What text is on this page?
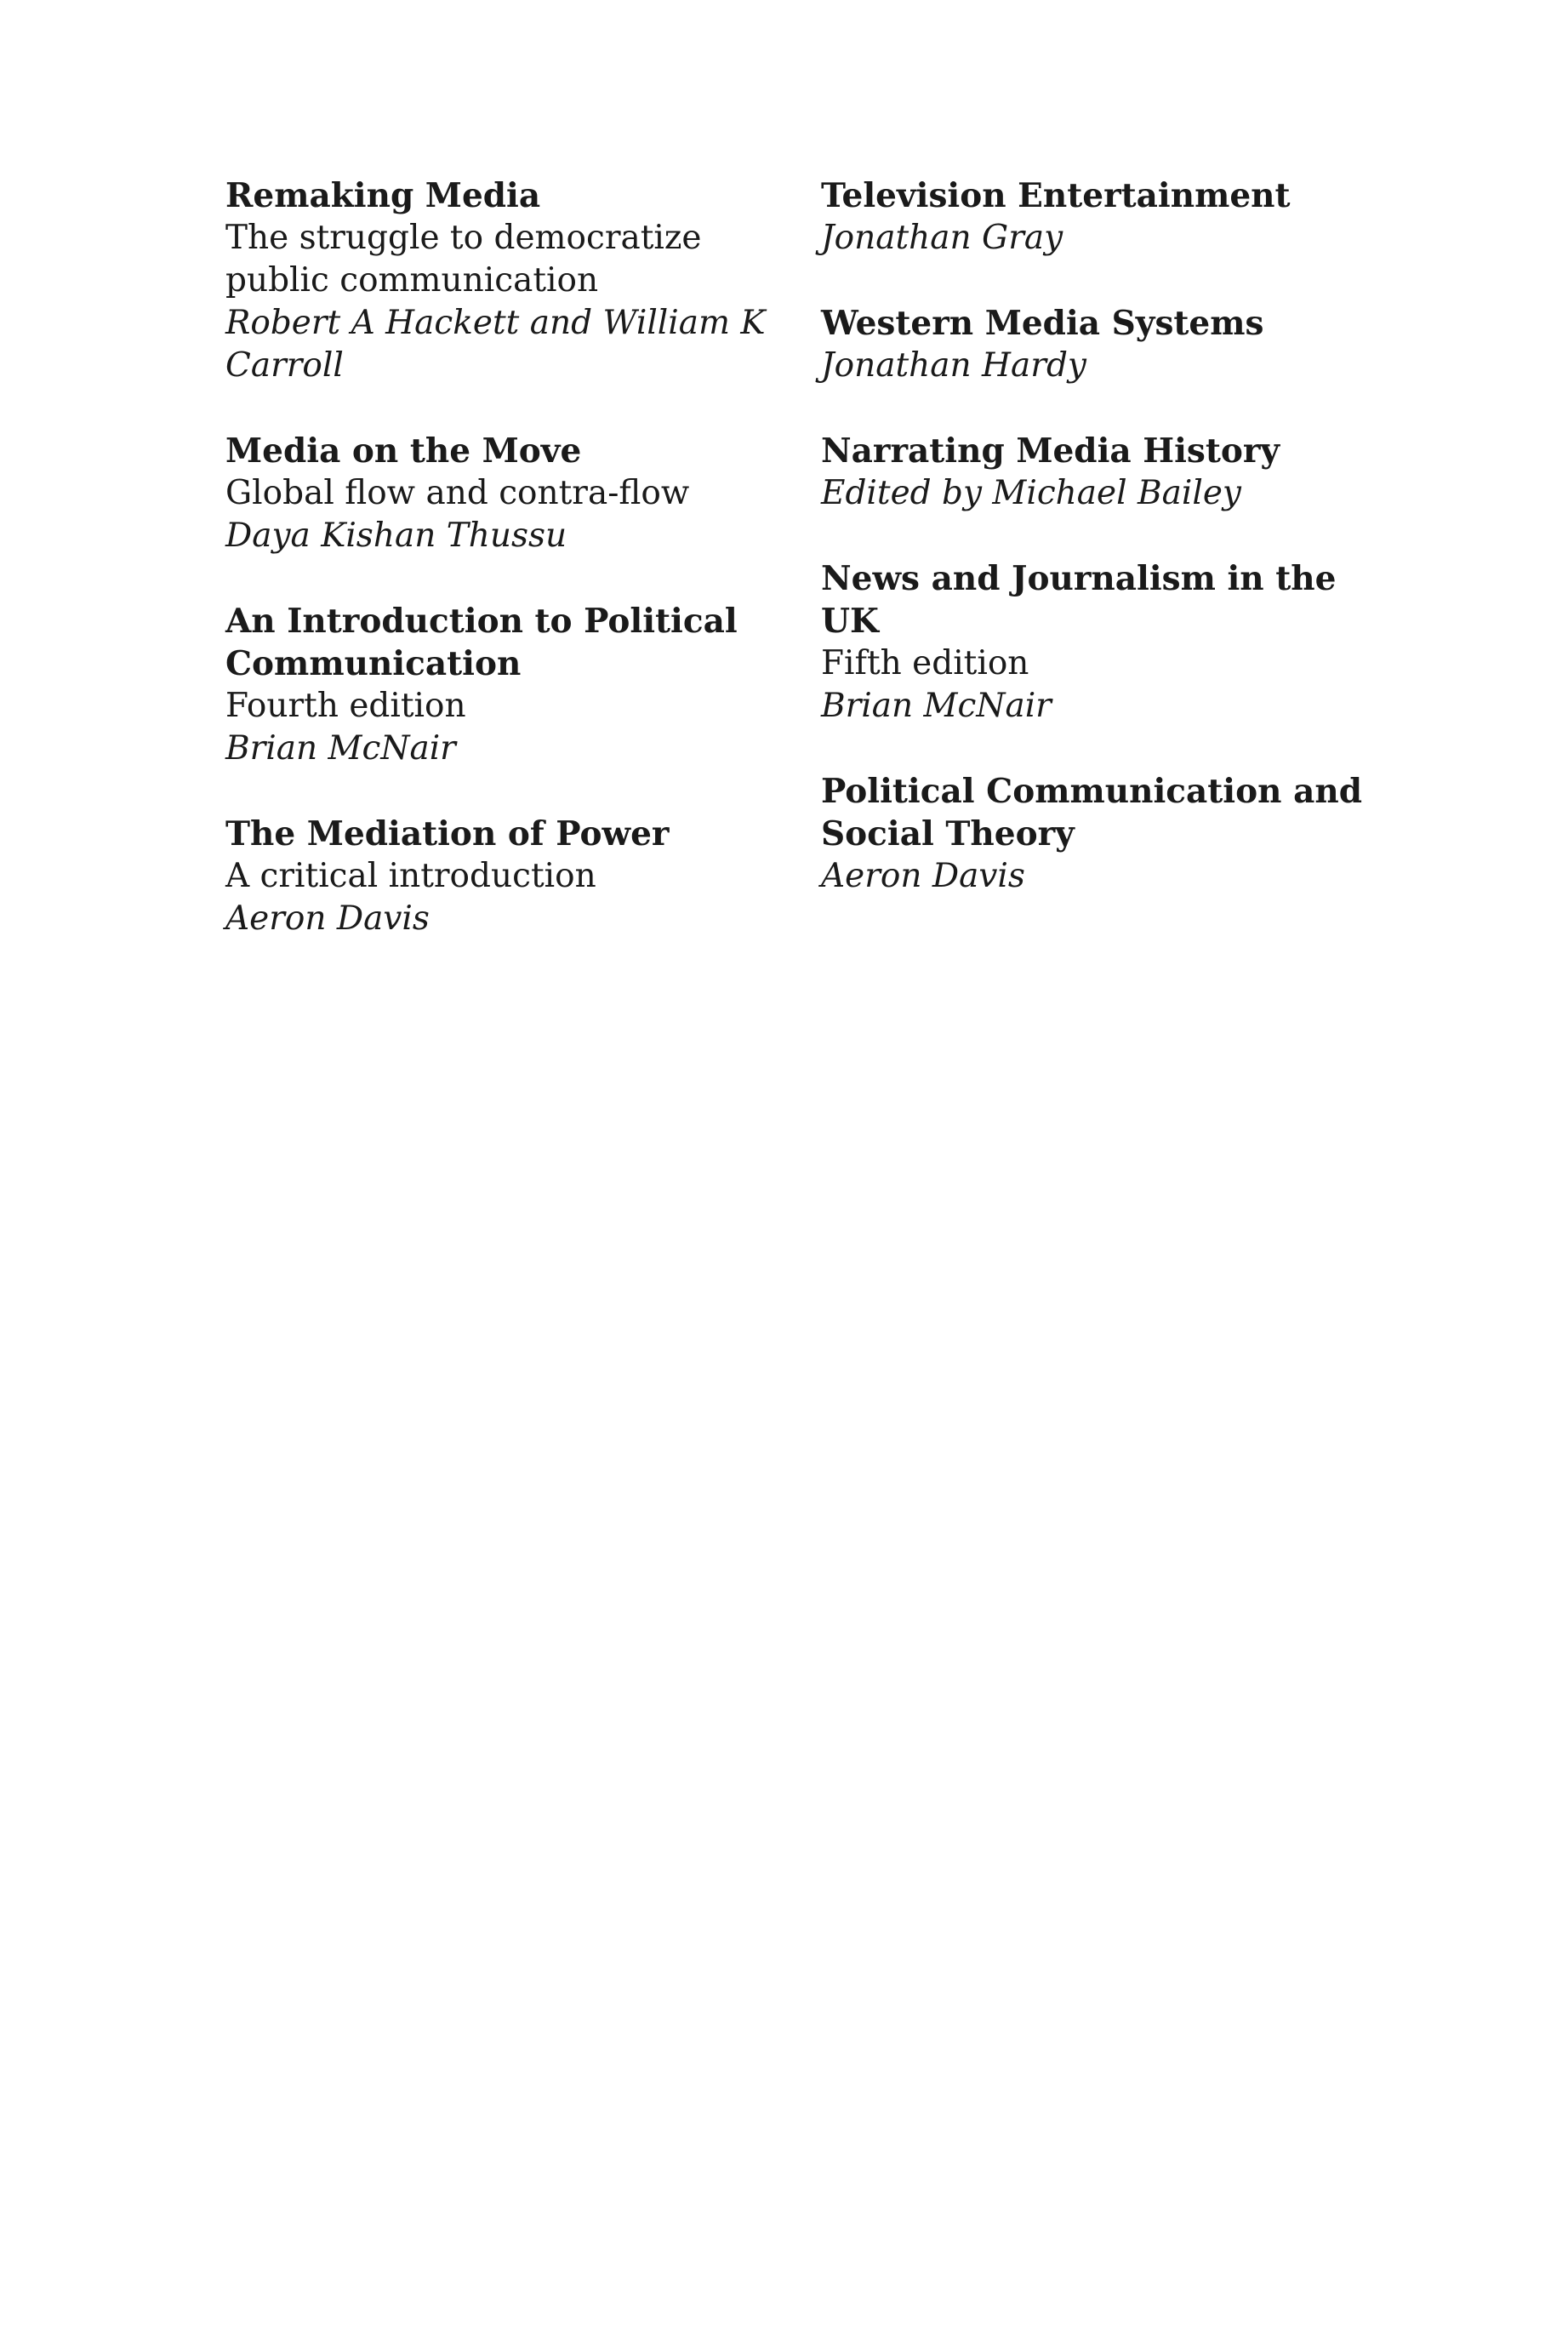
Remaking Media
The struggle to democratize public communication
Robert A Hackett and William K Carroll
Media on the Move
Global flow and contra-flow
Daya Kishan Thussu
An Introduction to Political Communication
Fourth edition
Brian McNair
The Mediation of Power
A critical introduction
Aeron Davis
Television Entertainment
Jonathan Gray
Western Media Systems
Jonathan Hardy
Narrating Media History
Edited by Michael Bailey
News and Journalism in the UK
Fifth edition
Brian McNair
Political Communication and Social Theory
Aeron Davis
